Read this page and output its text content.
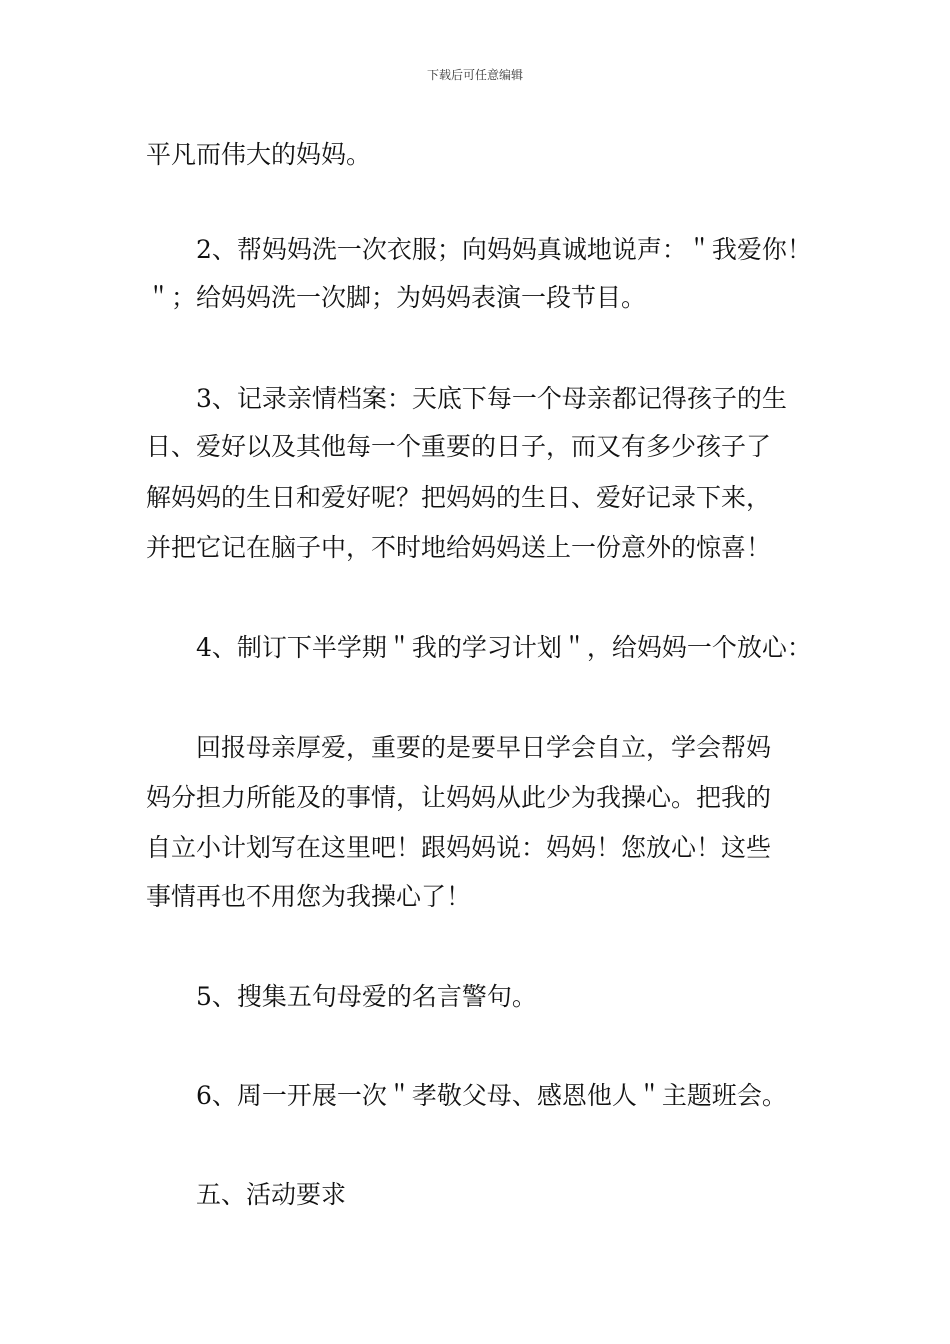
下载后可任意编辑
平凡而伟大的妈妈。
2、帮妈妈洗一次衣服；向妈妈真诚地说声：＂我爱你！
＂；给妈妈洗一次脚；为妈妈表演一段节目。
3、记录亲情档案：天底下每一个母亲都记得孩子的生
日、爱好以及其他每一个重要的日子，而又有多少孩子了
解妈妈的生日和爱好呢？把妈妈的生日、爱好记录下来，
并把它记在脑子中，不时地给妈妈送上一份意外的惊喜！
4、制订下半学期＂我的学习计划＂，给妈妈一个放心：
回报母亲厚爱，重要的是要早日学会自立，学会帮妈
妈分担力所能及的事情，让妈妈从此少为我操心。把我的
自立小计划写在这里吧！跟妈妈说：妈妈！您放心！这些
事情再也不用您为我操心了！
5、搜集五句母爱的名言警句。
6、周一开展一次＂孝敬父母、感恩他人＂主题班会。
五、活动要求
